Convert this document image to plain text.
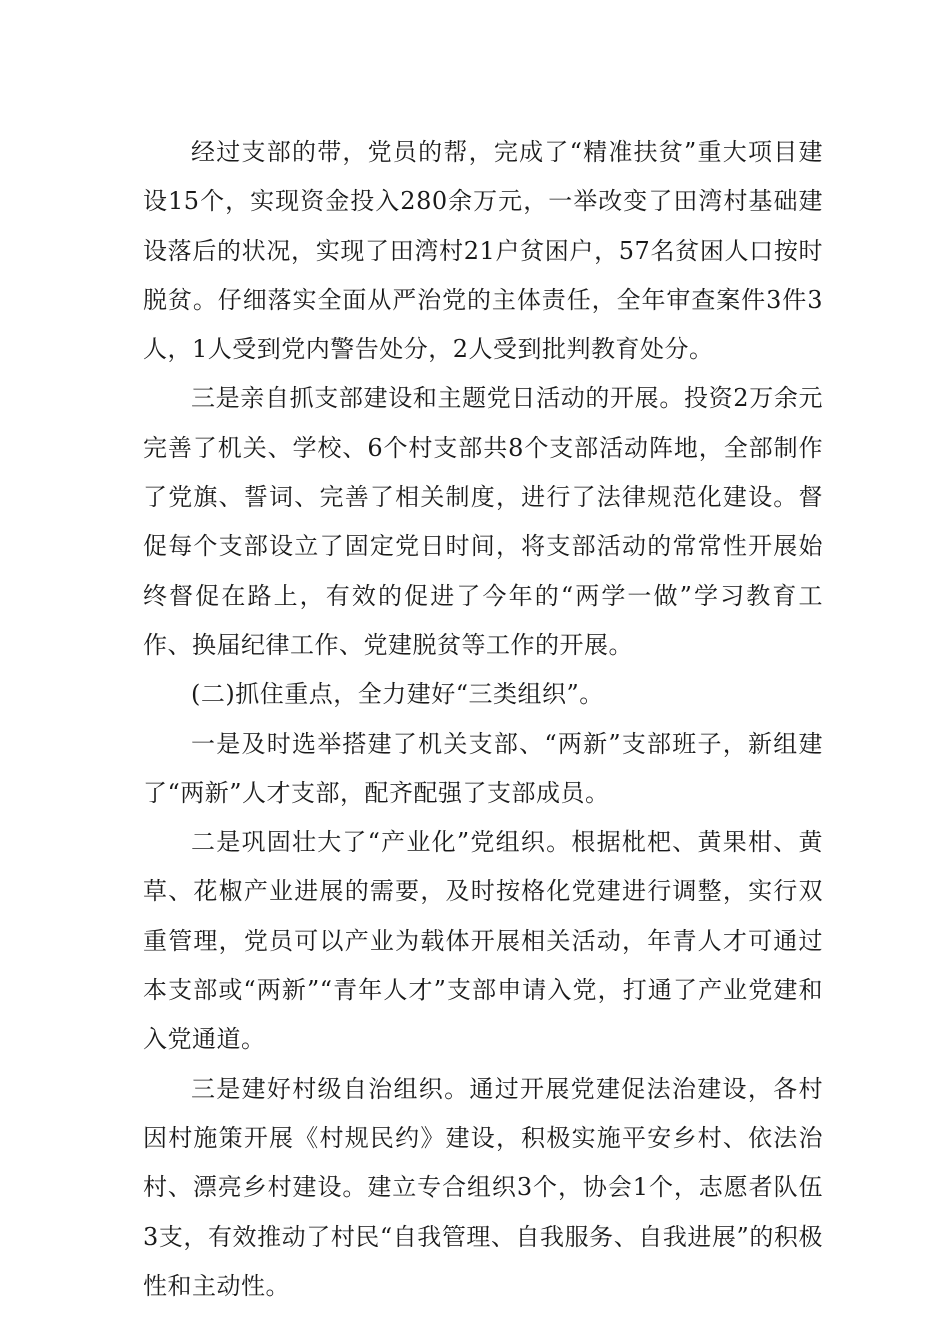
经过支部的带，党员的帮，完成了“精准扶贫”重大项目建设15个，实现资金投入280余万元，一举改变了田湾村基础建设落后的状况，实现了田湾村21户贫困户，57名贫困人口按时脱贫。仔细落实全面从严治党的主体责任，全年审查案件3件3人，1人受到党内警告处分，2人受到批判教育处分。

三是亲自抓支部建设和主题党日活动的开展。投资2万余元完善了机关、学校、6个村支部共8个支部活动阵地，全部制作了党旗、誓词、完善了相关制度，进行了法律规范化建设。督促每个支部设立了固定党日时间，将支部活动的常常性开展始终督促在路上，有效的促进了今年的“两学一做”学习教育工作、换届纪律工作、党建脱贫等工作的开展。

(二)抓住重点，全力建好“三类组织”。

一是及时选举搭建了机关支部、“两新”支部班子，新组建了“两新”人才支部，配齐配强了支部成员。

二是巩固壮大了“产业化”党组织。根据枇杷、黄果柑、黄草、花椒产业进展的需要，及时按格化党建进行调整，实行双重管理，党员可以产业为载体开展相关活动，年青人才可通过本支部或“两新”“青年人才”支部申请入党，打通了产业党建和入党通道。

三是建好村级自治组织。通过开展党建促法治建设，各村因村施策开展《村规民约》建设，积极实施平安乡村、依法治村、漂亮乡村建设。建立专合组织3个，协会1个，志愿者队伍3支，有效推动了村民“自我管理、自我服务、自我进展”的积极性和主动性。
